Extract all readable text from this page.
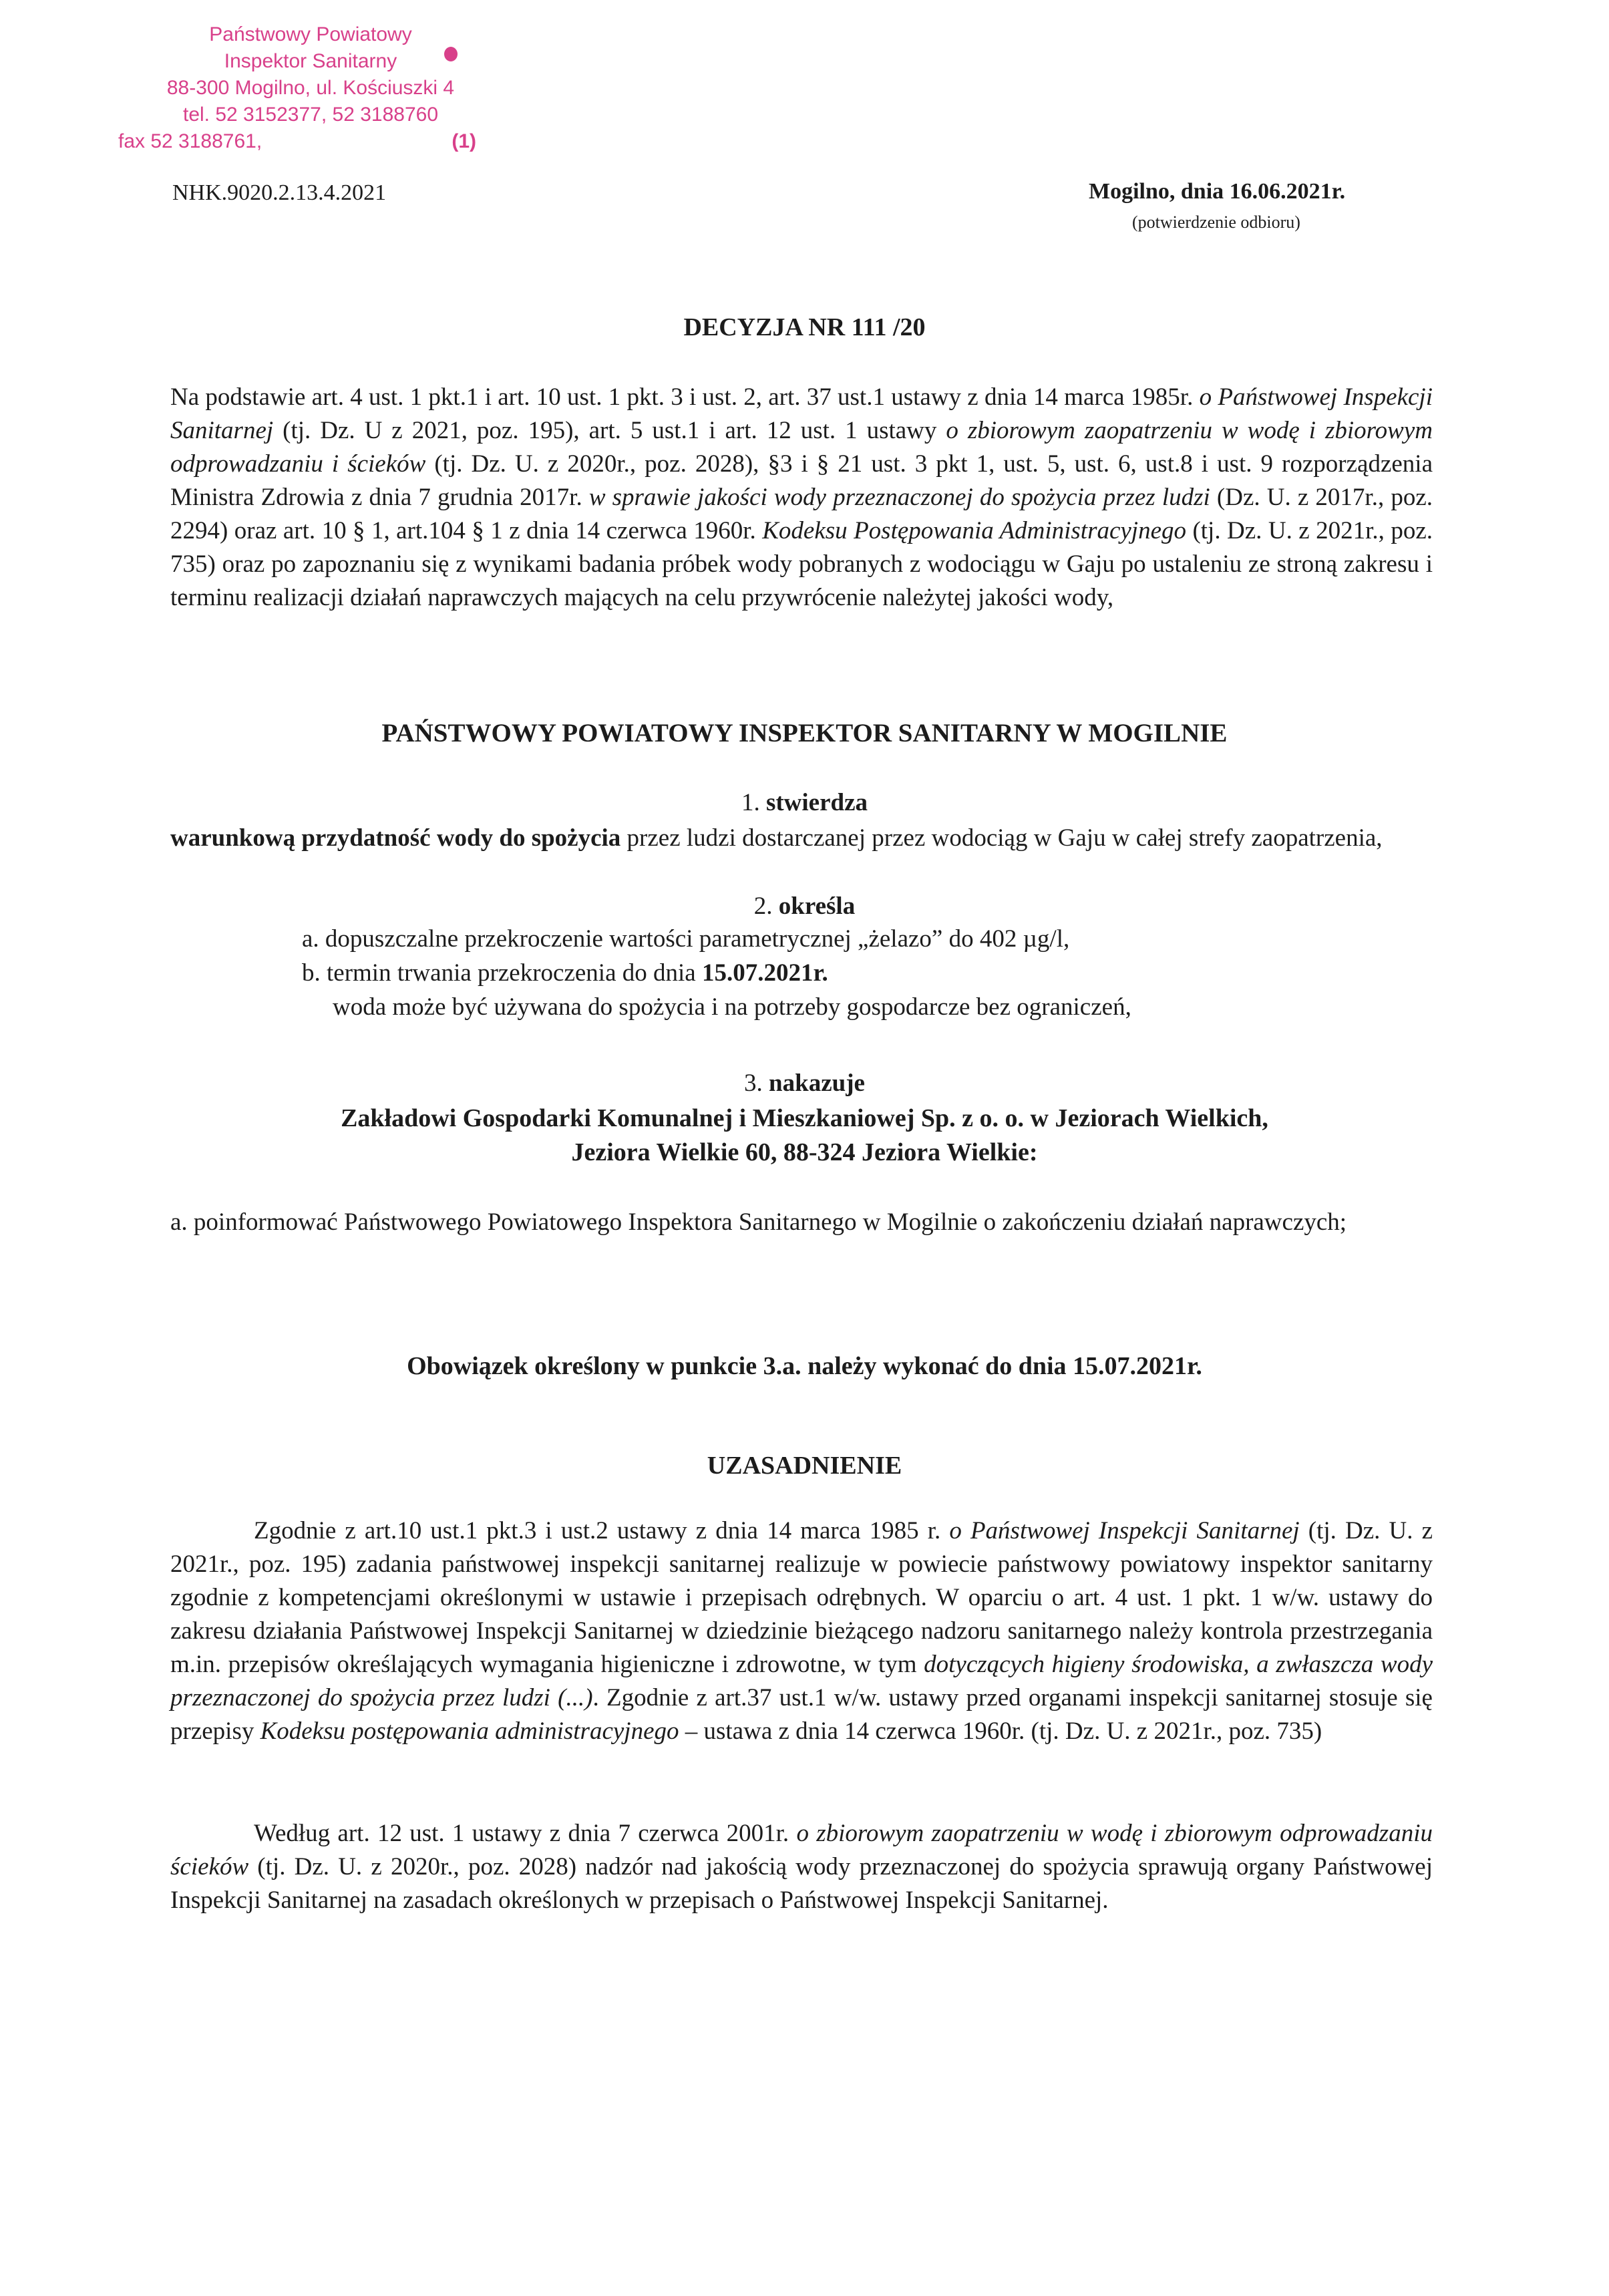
Państwowy Powiatowy
Inspektor Sanitarny
88-300 Mogilno, ul. Kościuszki 4
tel. 52 3152377, 52 3188760
fax 52 3188761,	(1)
NHK.9020.2.13.4.2021	Mogilno, dnia 16.06.2021r.
(potwierdzenie odbioru)
DECYZJA NR 111 /20

Na podstawie art. 4 ust. 1 pkt.1 i art. 10 ust. 1 pkt. 3 i ust. 2, art. 37 ust.1 ustawy z dnia 14 marca 1985r. o Państwowej Inspekcji Sanitarnej (tj. Dz. U z 2021, poz. 195), art. 5 ust.1 i art. 12 ust. 1 ustawy o zbiorowym zaopatrzeniu w wodę i zbiorowym odprowadzaniu i ścieków (tj. Dz. U. z 2020r., poz. 2028), §3 i § 21 ust. 3 pkt 1, ust. 5, ust. 6, ust.8 i ust. 9 rozporządzenia Ministra Zdrowia z dnia 7 grudnia 2017r. w sprawie jakości wody przeznaczonej do spożycia przez ludzi (Dz. U. z 2017r., poz. 2294) oraz art. 10 § 1, art.104 § 1 z dnia 14 czerwca 1960r. Kodeksu Postępowania Administracyjnego (tj. Dz. U. z 2021r., poz. 735) oraz po zapoznaniu się z wynikami badania próbek wody pobranych z wodociągu w Gaju po ustaleniu ze stroną zakresu i terminu realizacji działań naprawczych mających na celu przywrócenie należytej jakości wody,

PAŃSTWOWY POWIATOWY INSPEKTOR SANITARNY W MOGILNIE
1. stwierdza

warunkową przydatność wody do spożycia przez ludzi dostarczanej przez wodociąg w Gaju w całej strefy zaopatrzenia,

2. określa
a. dopuszczalne przekroczenie wartości parametrycznej „żelazo” do 402 µg/l,
b. termin trwania przekroczenia do dnia 15.07.2021r.
woda może być używana do spożycia i na potrzeby gospodarcze bez ograniczeń,
3. nakazuje
Zakładowi Gospodarki Komunalnej i Mieszkaniowej Sp. z o. o. w Jeziorach Wielkich,
Jeziora Wielkie 60, 88-324 Jeziora Wielkie:

a. poinformować Państwowego Powiatowego Inspektora Sanitarnego w Mogilnie o zakończeniu działań naprawczych;

Obowiązek określony w punkcie 3.a. należy wykonać do dnia 15.07.2021r.
UZASADNIENIE

Zgodnie z art.10 ust.1 pkt.3 i ust.2 ustawy z dnia 14 marca 1985 r. o Państwowej Inspekcji Sanitarnej (tj. Dz. U. z 2021r., poz. 195) zadania państwowej inspekcji sanitarnej realizuje w powiecie państwowy powiatowy inspektor sanitarny zgodnie z kompetencjami określonymi w ustawie i przepisach odrębnych. W oparciu o art. 4 ust. 1 pkt. 1 w/w. ustawy do zakresu działania Państwowej Inspekcji Sanitarnej w dziedzinie bieżącego nadzoru sanitarnego należy kontrola przestrzegania m.in. przepisów określających wymagania higieniczne i zdrowotne, w tym dotyczących higieny środowiska, a zwłaszcza wody przeznaczonej do spożycia przez ludzi (...). Zgodnie z art.37 ust.1 w/w. ustawy przed organami inspekcji sanitarnej stosuje się przepisy Kodeksu postępowania administracyjnego – ustawa z dnia 14 czerwca 1960r. (tj. Dz. U. z 2021r., poz. 735)

Według art. 12 ust. 1 ustawy z dnia 7 czerwca 2001r. o zbiorowym zaopatrzeniu w wodę i zbiorowym odprowadzaniu ścieków (tj. Dz. U. z 2020r., poz. 2028) nadzór nad jakością wody przeznaczonej do spożycia sprawują organy Państwowej Inspekcji Sanitarnej na zasadach określonych w przepisach o Państwowej Inspekcji Sanitarnej.
